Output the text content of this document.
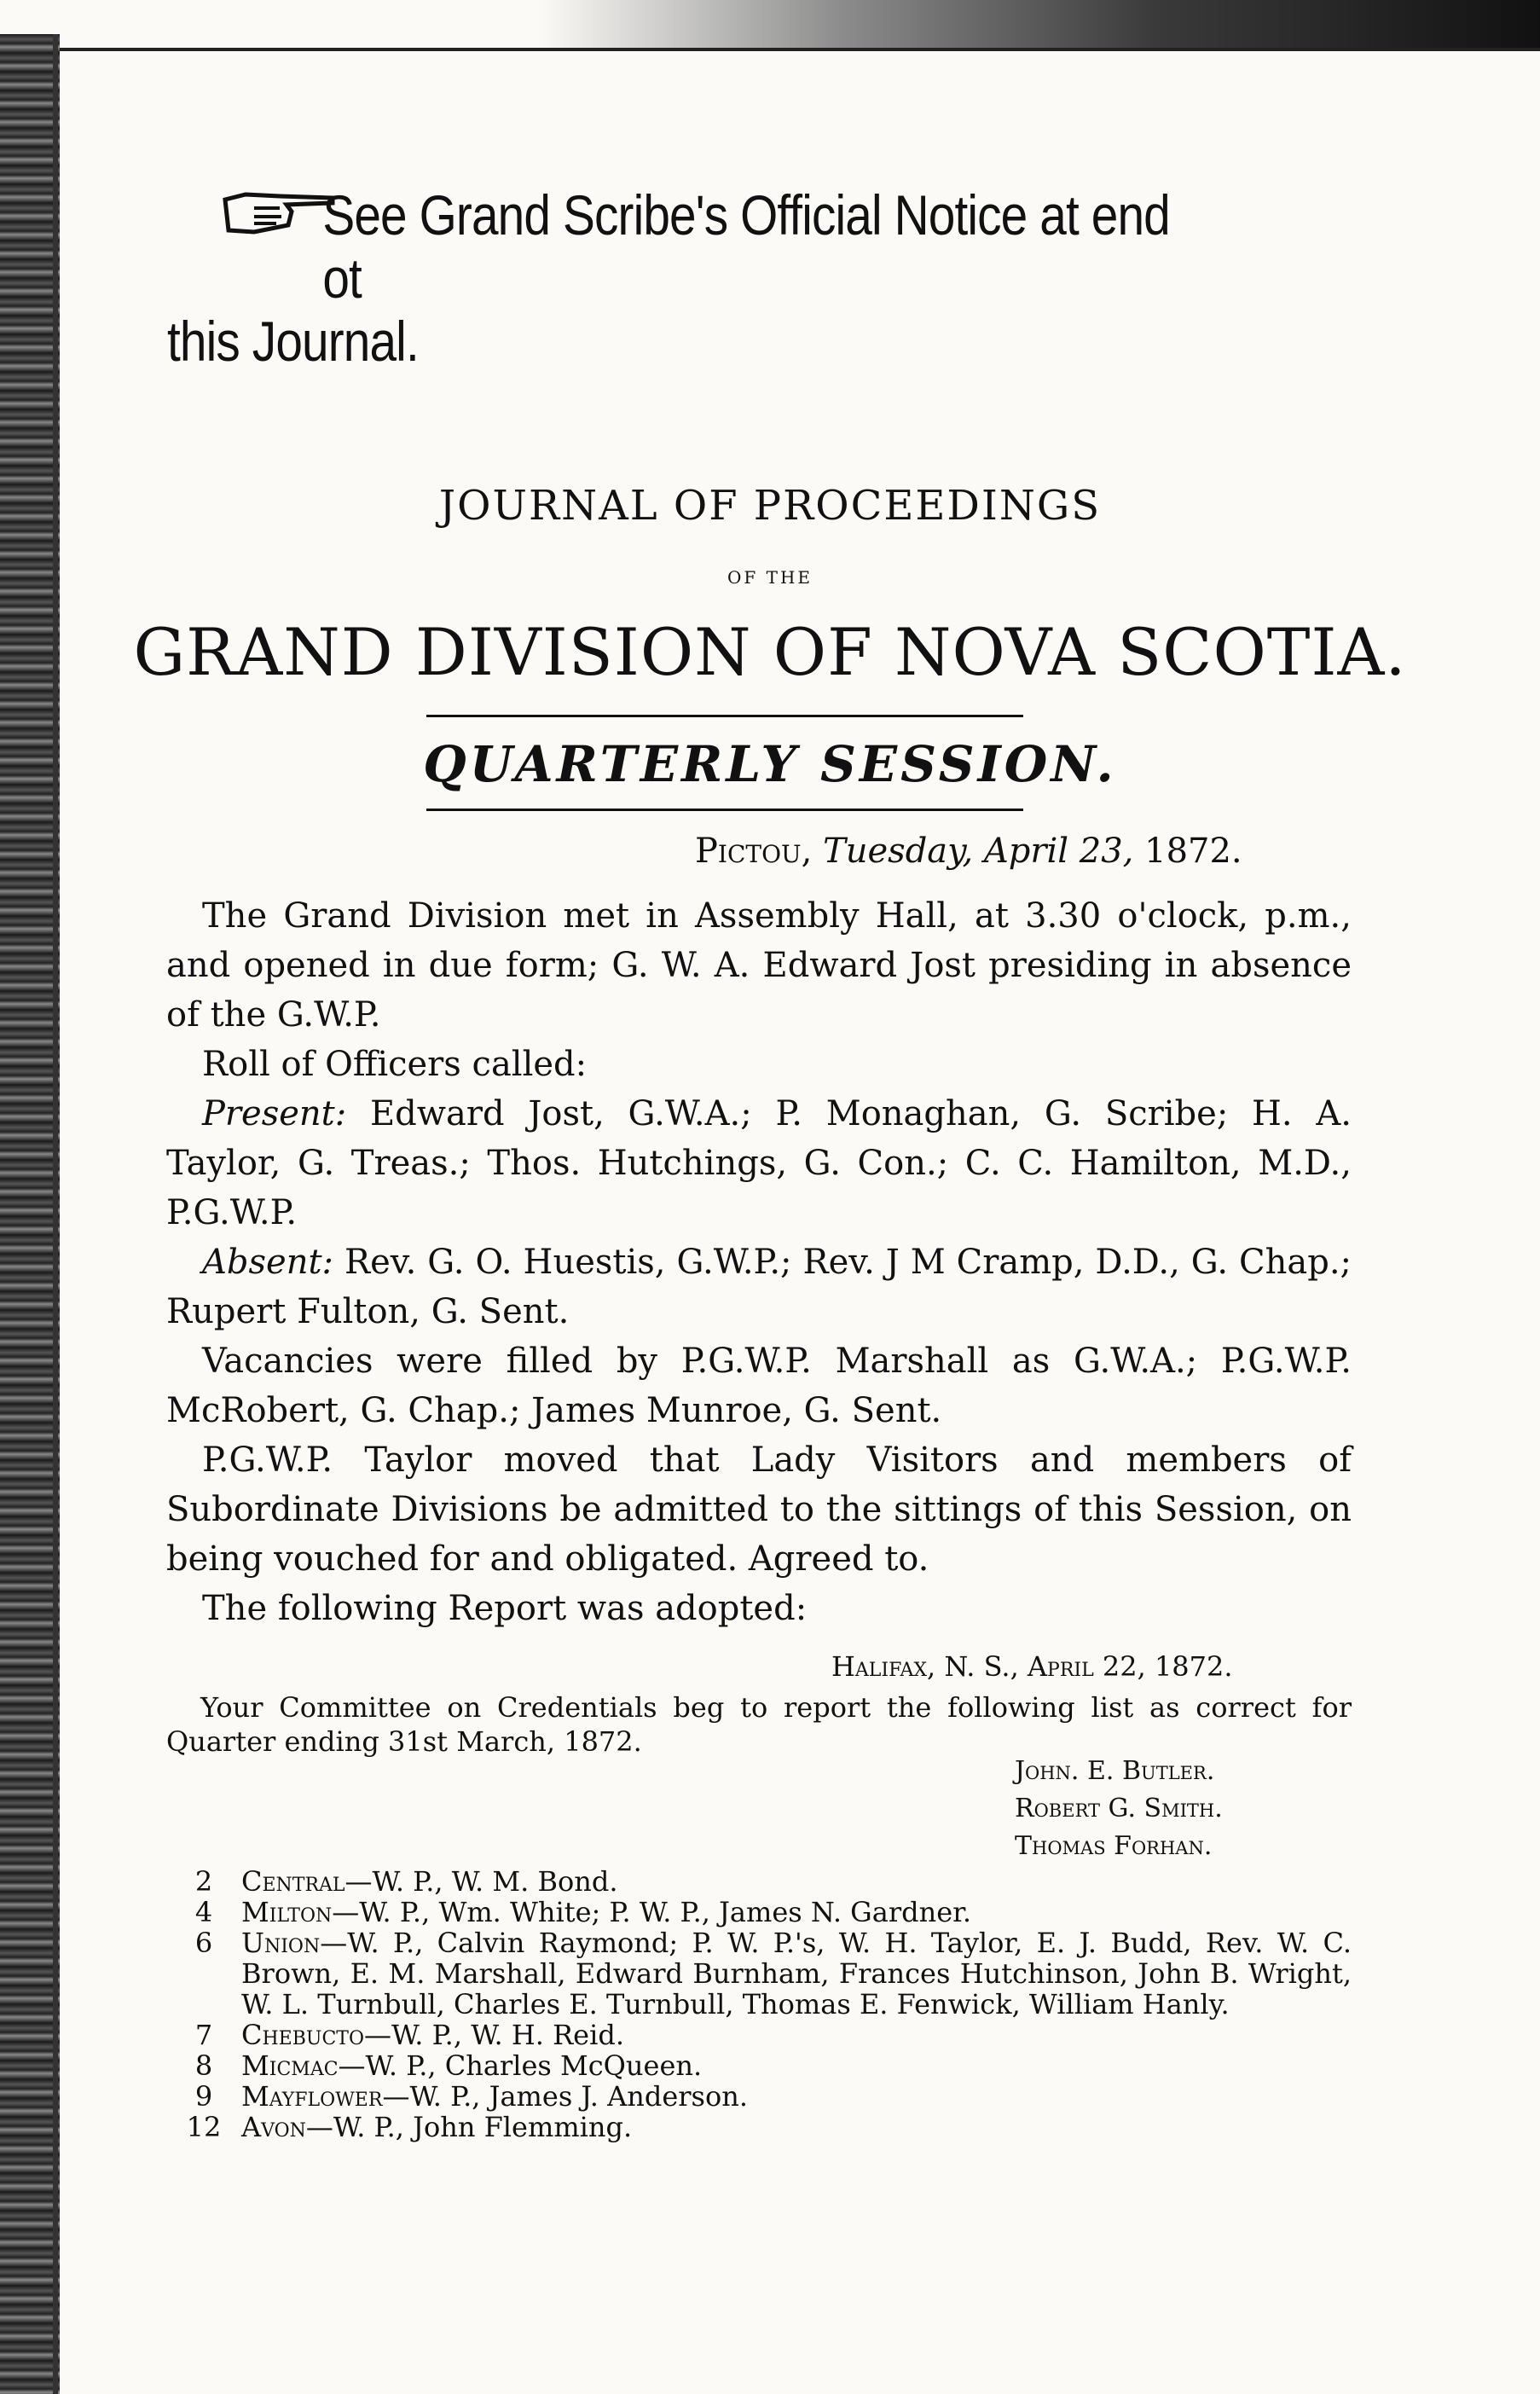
See Grand Scribe's Official Notice at end ot
this Journal.
JOURNAL OF PROCEEDINGS
OF THE
GRAND DIVISION OF NOVA SCOTIA.
QUARTERLY SESSION.
Pictou, Tuesday, April 23, 1872.

The Grand Division met in Assembly Hall, at 3.30 o'clock, p.m., and opened in due form; G. W. A. Edward Jost presiding in absence of the G.W.P.

Roll of Officers called:

Present: Edward Jost, G.W.A.; P. Monaghan, G. Scribe; H. A. Taylor, G. Treas.; Thos. Hutchings, G. Con.; C. C. Hamilton, M.D., P.G.W.P.

Absent: Rev. G. O. Huestis, G.W.P.; Rev. J M Cramp, D.D., G. Chap.; Rupert Fulton, G. Sent.

Vacancies were filled by P.G.W.P. Marshall as G.W.A.; P.G.W.P. McRobert, G. Chap.; James Munroe, G. Sent.

P.G.W.P. Taylor moved that Lady Visitors and members of Subordinate Divisions be admitted to the sittings of this Session, on being vouched for and obligated. Agreed to.

The following Report was adopted:

Halifax, N. S., April 22, 1872.

Your Committee on Credentials beg to report the following list as correct for Quarter ending 31st March, 1872.

John. E. Butler.
Robert G. Smith.
Thomas Forhan.
2	Central—W. P., W. M. Bond.
4	Milton—W. P., Wm. White; P. W. P., James N. Gardner.
6	Union—W. P., Calvin Raymond; P. W. P.'s, W. H. Taylor, E. J. Budd, Rev. W. C. Brown, E. M. Marshall, Edward Burnham, Frances Hutchinson, John B. Wright, W. L. Turnbull, Charles E. Turnbull, Thomas E. Fenwick, William Hanly.
7	Chebucto—W. P., W. H. Reid.
8	Micmac—W. P., Charles McQueen.
9	Mayflower—W. P., James J. Anderson.
12 Avon—W. P., John Flemming.
